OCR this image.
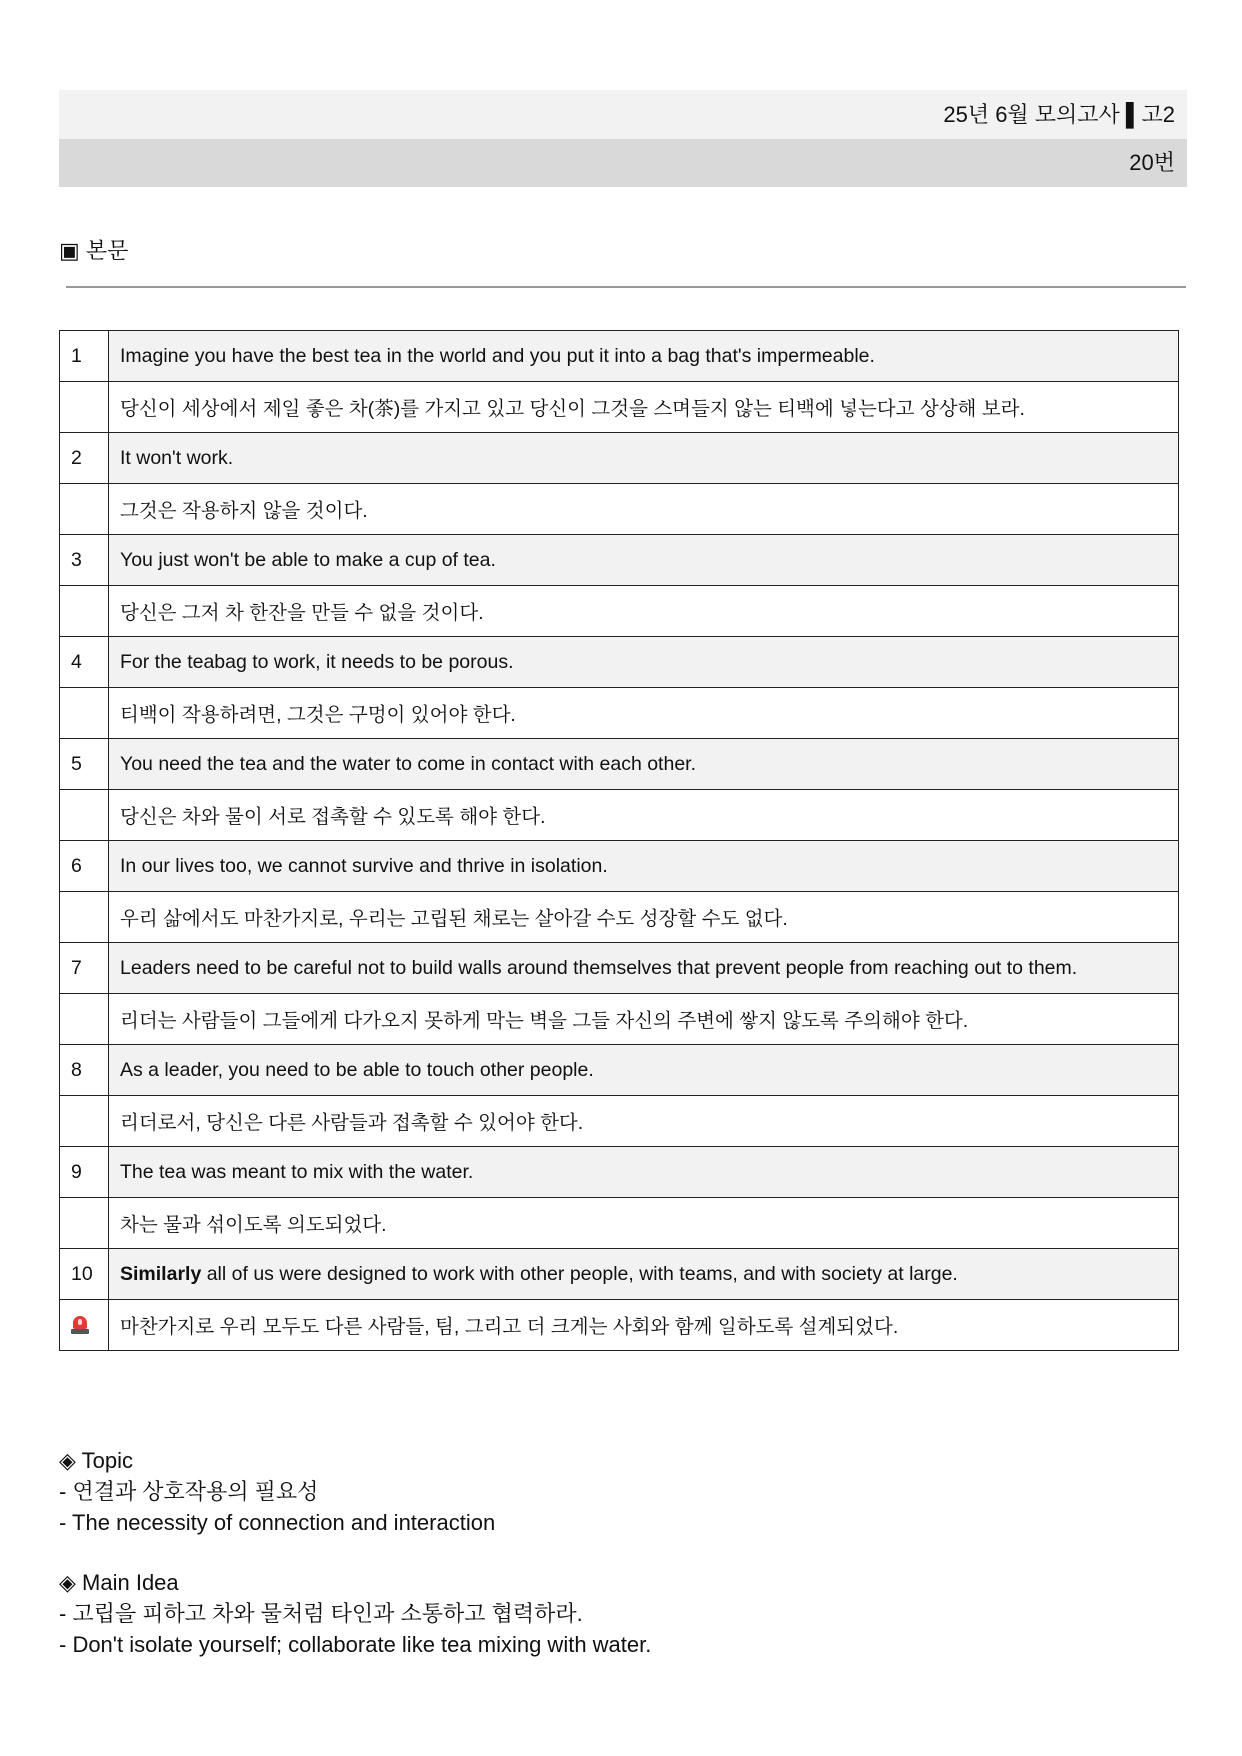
25년 6월 모의고사 ▌고2
20번
▣ 본문
1	Imagine you have the best tea in the world and you put it into a bag that's impermeable.
	당신이 세상에서 제일 좋은 차(茶)를 가지고 있고 당신이 그것을 스며들지 않는 티백에 넣는다고 상상해 보라.
2	It won't work.
	그것은 작용하지 않을 것이다.
3	You just won't be able to make a cup of tea.
	당신은 그저 차 한잔을 만들 수 없을 것이다.
4	For the teabag to work, it needs to be porous.
	티백이 작용하려면, 그것은 구멍이 있어야 한다.
5	You need the tea and the water to come in contact with each other.
	당신은 차와 물이 서로 접촉할 수 있도록 해야 한다.
6	In our lives too, we cannot survive and thrive in isolation.
	우리 삶에서도 마찬가지로, 우리는 고립된 채로는 살아갈 수도 성장할 수도 없다.
7	Leaders need to be careful not to build walls around themselves that prevent people from reaching out to them.
	리더는 사람들이 그들에게 다가오지 못하게 막는 벽을 그들 자신의 주변에 쌓지 않도록 주의해야 한다.
8	As a leader, you need to be able to touch other people.
	리더로서, 당신은 다른 사람들과 접촉할 수 있어야 한다.
9	The tea was meant to mix with the water.
	차는 물과 섞이도록 의도되었다.
10	Similarly all of us were designed to work with other people, with teams, and with society at large.

	마찬가지로 우리 모두도 다른 사람들, 팀, 그리고 더 크게는 사회와 함께 일하도록 설계되었다.
◈ Topic
- 연결과 상호작용의 필요성
- The necessity of connection and interaction
◈ Main Idea
- 고립을 피하고 차와 물처럼 타인과 소통하고 협력하라.
- Don't isolate yourself; collaborate like tea mixing with water.
